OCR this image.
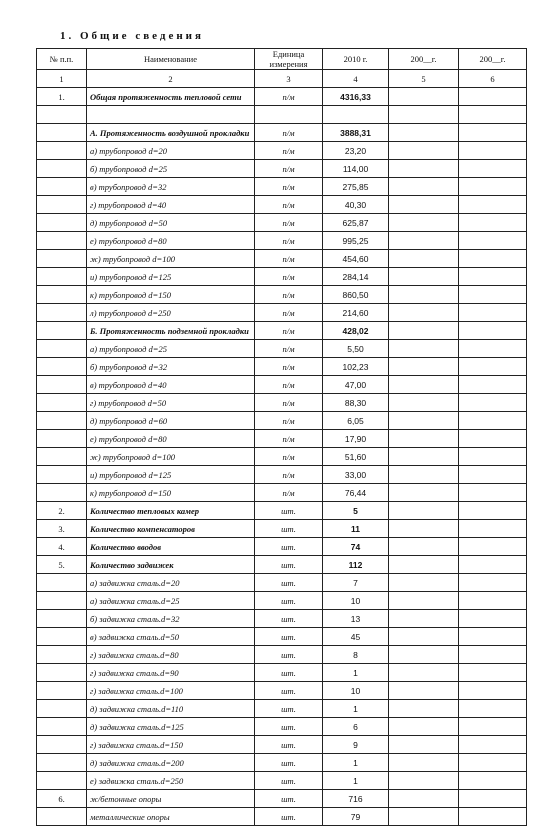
1. Общие сведения
№ п.п.	Наименование	Единица измерения	2010 г.	200__г.	200__г.
1	2	3	4	5	6
1.	Общая протяженность тепловой сети	п/м	4316,33		

	А. Протяженность воздушной прокладки	п/м	3888,31		
	а) трубопровод d=20	п/м	23,20		
	б) трубопровод d=25	п/м	114,00		
	в) трубопровод d=32	п/м	275,85		
	г) трубопровод d=40	п/м	40,30		
	д) трубопровод d=50	п/м	625,87		
	е) трубопровод d=80	п/м	995,25		
	ж) трубопровод d=100	п/м	454,60		
	и) трубопровод d=125	п/м	284,14		
	к) трубопровод d=150	п/м	860,50		
	л) трубопровод d=250	п/м	214,60		
	Б. Протяженность подземной прокладки	п/м	428,02		
	а) трубопровод d=25	п/м	5,50		
	б) трубопровод d=32	п/м	102,23		
	в) трубопровод d=40	п/м	47,00		
	г) трубопровод d=50	п/м	88,30		
	д) трубопровод d=60	п/м	6,05		
	е) трубопровод d=80	п/м	17,90		
	ж) трубопровод d=100	п/м	51,60		
	и) трубопровод d=125	п/м	33,00		
	к) трубопровод d=150	п/м	76,44		
2.	Количество тепловых камер	шт.	5		
3.	Количество компенсаторов	шт.	11		
4.	Количество вводов	шт.	74		
5.	Количество задвижек	шт.	112		
	а) задвижка сталь.d=20	шт.	7		
	а) задвижка сталь.d=25	шт.	10		
	б) задвижка сталь.d=32	шт.	13		
	в) задвижка сталь.d=50	шт.	45		
	г) задвижка сталь.d=80	шт.	8		
	г) задвижка сталь.d=90	шт.	1		
	г) задвижка сталь.d=100	шт.	10		
	д) задвижка сталь.d=110	шт.	1		
	д) задвижка сталь.d=125	шт.	6		
	г) задвижка сталь.d=150	шт.	9		
	д) задвижка сталь.d=200	шт.	1		
	е) задвижка сталь.d=250	шт.	1		
6.	ж/бетонные опоры	шт.	716		
	металлические опоры	шт.	79		
